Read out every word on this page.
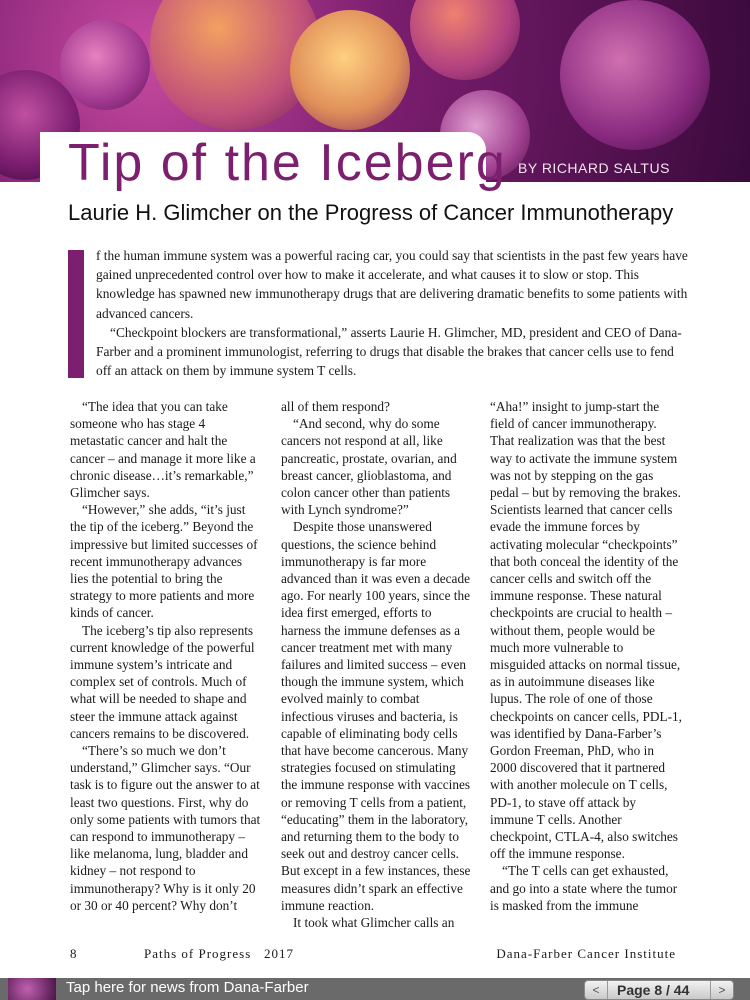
Tip of the Iceberg BY RICHARD SALTUS
Laurie H. Glimcher on the Progress of Cancer Immunotherapy
I f the human immune system was a powerful racing car, you could say that scientists in the past few years have gained unprecedented control over how to make it accelerate, and what causes it to slow or stop. This knowledge has spawned new immunotherapy drugs that are delivering dramatic benefits to some patients with advanced cancers.

“Checkpoint blockers are transformational,” asserts Laurie H. Glimcher, MD, president and CEO of Dana-Farber and a prominent immunologist, referring to drugs that disable the brakes that cancer cells use to fend off an attack on them by immune system T cells.

“The idea that you can take someone who has stage 4 metastatic cancer and halt the cancer – and manage it more like a chronic disease…it’s remarkable,” Glimcher says.

“However,” she adds, “it’s just the tip of the iceberg.” Beyond the impressive but limited successes of recent immunotherapy advances lies the potential to bring the strategy to more patients and more kinds of cancer.

The iceberg’s tip also represents current knowledge of the powerful immune system’s intricate and complex set of controls. Much of what will be needed to shape and steer the immune attack against cancers remains to be discovered.

“There’s so much we don’t understand,” Glimcher says. “Our task is to figure out the answer to at least two questions. First, why do only some patients with tumors that can respond to immunotherapy – like melanoma, lung, bladder and kidney – not respond to immunotherapy? Why is it only 20 or 30 or 40 percent? Why don’t

all of them respond?

“And second, why do some cancers not respond at all, like pancreatic, prostate, ovarian, and breast cancer, glioblastoma, and colon cancer other than patients with Lynch syndrome?”

Despite those unanswered questions, the science behind immunotherapy is far more advanced than it was even a decade ago. For nearly 100 years, since the idea first emerged, efforts to harness the immune defenses as a cancer treatment met with many failures and limited success – even though the immune system, which evolved mainly to combat infectious viruses and bacteria, is capable of eliminating body cells that have become cancerous. Many strategies focused on stimulating the immune response with vaccines or removing T cells from a patient, “educating” them in the laboratory, and returning them to the body to seek out and destroy cancer cells. But except in a few instances, these measures didn’t spark an effective immune reaction.

It took what Glimcher calls an

“Aha!” insight to jump-start the field of cancer immunotherapy. That realization was that the best way to activate the immune system was not by stepping on the gas pedal – but by removing the brakes. Scientists learned that cancer cells evade the immune forces by activating molecular “checkpoints” that both conceal the identity of the cancer cells and switch off the immune response. These natural checkpoints are crucial to health – without them, people would be much more vulnerable to misguided attacks on normal tissue, as in autoimmune diseases like lupus. The role of one of those checkpoints on cancer cells, PDL-1, was identified by Dana-Farber’s Gordon Freeman, PhD, who in 2000 discovered that it partnered with another molecule on T cells, PD-1, to stave off attack by immune T cells. Another checkpoint, CTLA-4, also switches off the immune response.

“The T cells can get exhausted, and go into a state where the tumor is masked from the immune

8	Paths of Progress   2017	Dana-Farber Cancer Institute
Tap here for news from Dana-Farber	<	Page 8 / 44	>
